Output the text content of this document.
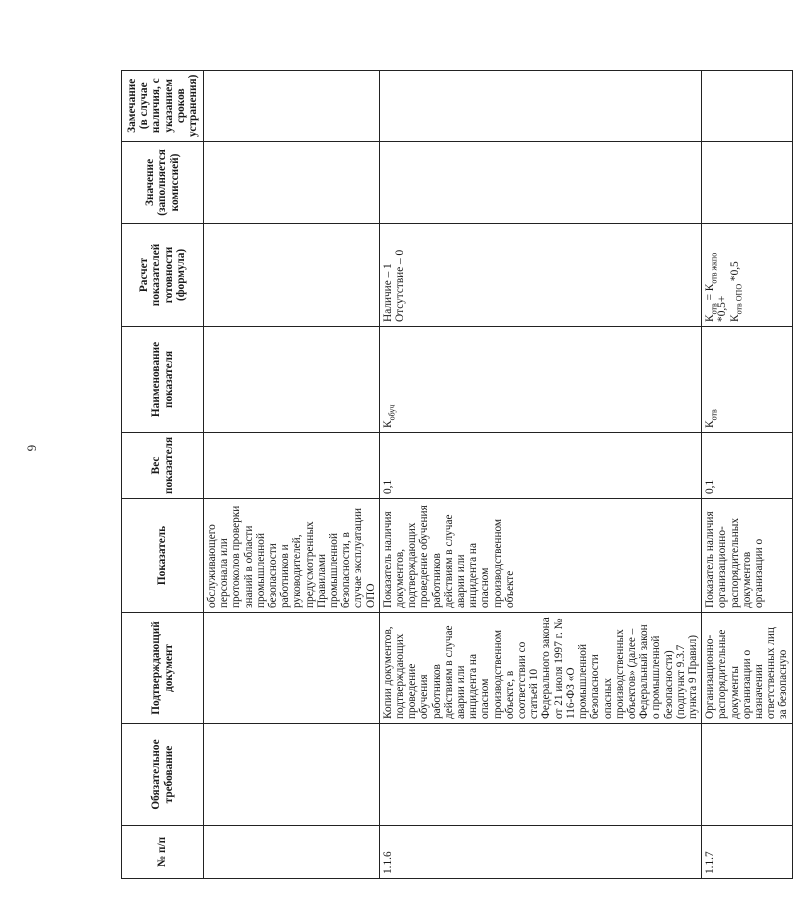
6
№ п/п	Обязательное требование	Подтверждающий документ	Показатель	Вес показателя	Наименование показателя	Расчет показателей готовности (формула)	Значение (заполняется комиссией)	Замечание (в случае наличия, с указанием сроков устранения)
			обслуживающего персонала или протоколов проверки знаний в области промышленной безопасности работников и руководителей, предусмотренных Правилами промышленной безопасности, в случае эксплуатации ОПО			

1.1.6		Копии документов, подтверждающих проведение обучения работников действиям в случае аварии или инцидента на опасном производственном объекте, в соответствии со статьей 10 Федерального закона от 21 июля 1997 г. № 116-ФЗ «О промышленной безопасности опасных производственных объектов» (далее – Федеральный закон о промышленной безопасности) (подпункт 9.3.7 пункта 9 Правил)	Показатель наличия документов, подтверждающих проведение обучения работников действиям в случае аварии или инцидента на опасном производственном объекте	0,1	$К_{обуч}$	Наличие – 1 Отсутствие – 0		

1.1.7		Организационно-распорядительные документы организации о назначении ответственных лиц за безопасную	Показатель наличия организационно-распорядительных документов организации о	0,1	$К_{отв}$	$К_{отв} = К_{отв жкпо}$ $*0,5+ К_{отв ОПО}$ *0,5		
